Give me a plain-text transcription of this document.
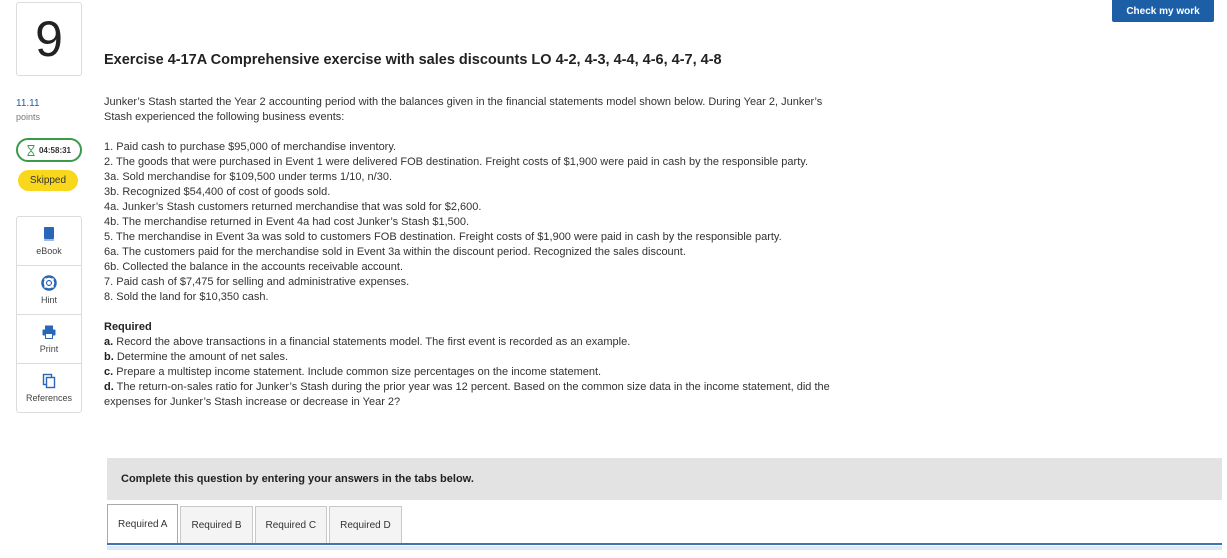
9
11.11
points
04:58:31
Skipped
eBook
Hint
Print
References
Check my work
Exercise 4-17A Comprehensive exercise with sales discounts LO 4-2, 4-3, 4-4, 4-6, 4-7, 4-8

Junker’s Stash started the Year 2 accounting period with the balances given in the financial statements model shown below. During Year 2, Junker’s Stash experienced the following business events:

1. Paid cash to purchase $95,000 of merchandise inventory.

2. The goods that were purchased in Event 1 were delivered FOB destination. Freight costs of $1,900 were paid in cash by the responsible party.

3a. Sold merchandise for $109,500 under terms 1/10, n/30.

3b. Recognized $54,400 of cost of goods sold.

4a. Junker’s Stash customers returned merchandise that was sold for $2,600.

4b. The merchandise returned in Event 4a had cost Junker’s Stash $1,500.

5. The merchandise in Event 3a was sold to customers FOB destination. Freight costs of $1,900 were paid in cash by the responsible party.

6a. The customers paid for the merchandise sold in Event 3a within the discount period. Recognized the sales discount.

6b. Collected the balance in the accounts receivable account.

7. Paid cash of $7,475 for selling and administrative expenses.

8. Sold the land for $10,350 cash.

Required

a. Record the above transactions in a financial statements model. The first event is recorded as an example.

b. Determine the amount of net sales.

c. Prepare a multistep income statement. Include common size percentages on the income statement.

d. The return-on-sales ratio for Junker’s Stash during the prior year was 12 percent. Based on the common size data in the income statement, did the expenses for Junker’s Stash increase or decrease in Year 2?

Complete this question by entering your answers in the tabs below.
Required A	Required B	Required C	Required D
